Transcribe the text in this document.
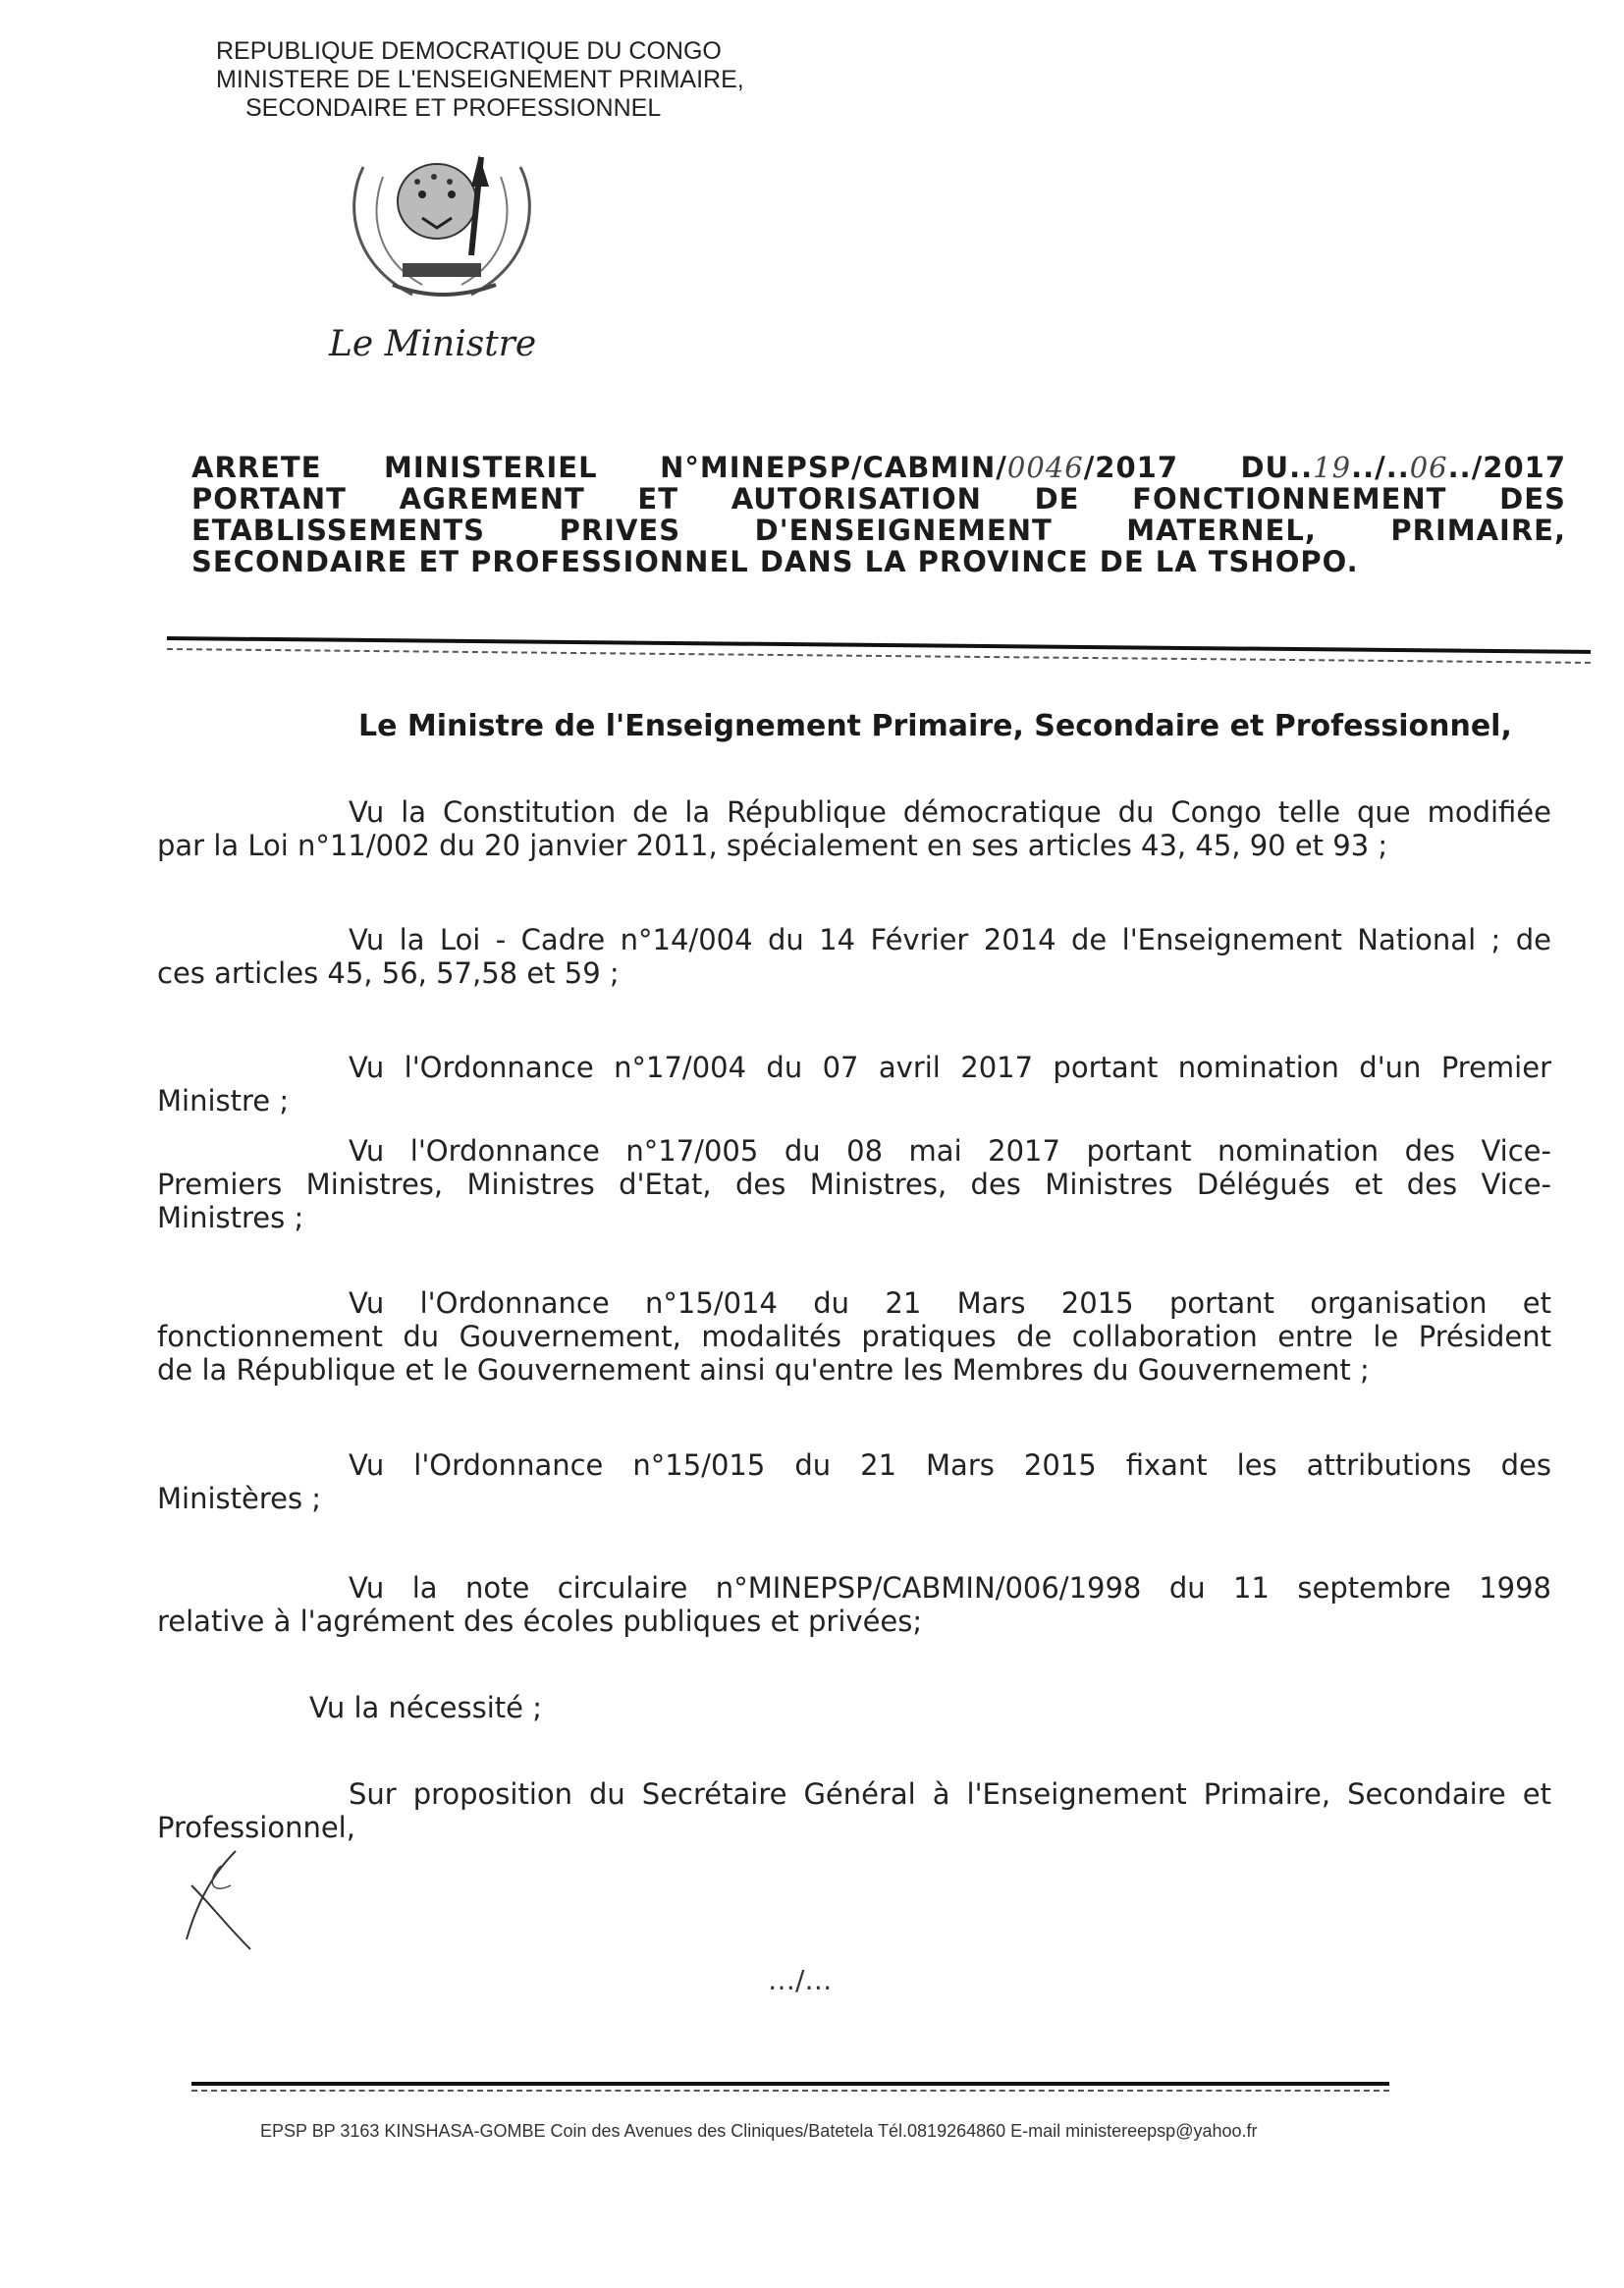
REPUBLIQUE DEMOCRATIQUE DU CONGO
MINISTERE DE L'ENSEIGNEMENT PRIMAIRE,
SECONDAIRE ET PROFESSIONNEL
Le Ministre
ARRETE MINISTERIEL N°MINEPSP/CABMIN/0046/2017 DU..19../..06../2017
PORTANT AGREMENT ET AUTORISATION DE FONCTIONNEMENT DES
ETABLISSEMENTS	PRIVES	D'ENSEIGNEMENT	MATERNEL,	PRIMAIRE,
SECONDAIRE ET PROFESSIONNEL DANS LA PROVINCE DE LA TSHOPO.
Le Ministre de l'Enseignement Primaire, Secondaire et Professionnel,
Vu la Constitution de la République démocratique du Congo telle que modifiée
par la Loi n°11/002 du 20 janvier 2011, spécialement en ses articles 43, 45, 90 et 93 ;
Vu la Loi - Cadre n°14/004 du 14 Février 2014 de l'Enseignement National ; de
ces articles 45, 56, 57,58 et 59 ;
Vu l'Ordonnance n°17/004 du 07 avril 2017 portant nomination d'un Premier
Ministre ;
Vu l'Ordonnance n°17/005 du 08 mai 2017 portant nomination des Vice-
Premiers Ministres, Ministres d'Etat, des Ministres, des Ministres Délégués et des Vice-
Ministres ;
Vu l'Ordonnance n°15/014 du 21 Mars 2015 portant organisation et
fonctionnement du Gouvernement, modalités pratiques de collaboration entre le Président
de la République et le Gouvernement ainsi qu'entre les Membres du Gouvernement ;
Vu l'Ordonnance n°15/015 du 21 Mars 2015 fixant les attributions des
Ministères ;
Vu la note circulaire n°MINEPSP/CABMIN/006/1998 du 11 septembre 1998
relative à l'agrément des écoles publiques et privées;
Vu la nécessité ;
Sur proposition du Secrétaire Général à l'Enseignement Primaire, Secondaire et
Professionnel,
…/…
EPSP BP 3163 KINSHASA-GOMBE Coin des Avenues des Cliniques/Batetela Tél.0819264860 E-mail ministereepsp@yahoo.fr
